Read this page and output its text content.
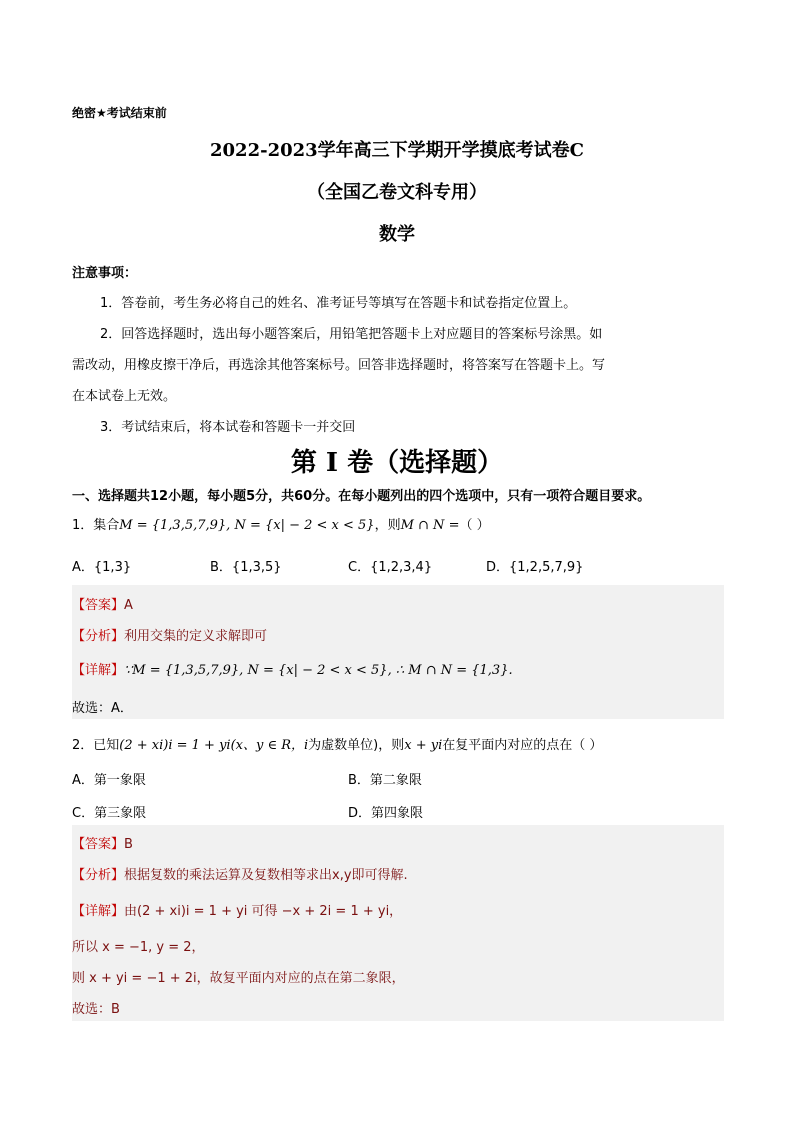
绝密★考试结束前
2022-2023学年高三下学期开学摸底考试卷C
（全国乙卷文科专用）
数学
注意事项：
1．答卷前，考生务必将自己的姓名、准考证号等填写在答题卡和试卷指定位置上。
2．回答选择题时，选出每小题答案后，用铅笔把答题卡上对应题目的答案标号涂黑。如
需改动，用橡皮擦干净后，再选涂其他答案标号。回答非选择题时，将答案写在答题卡上。写
在本试卷上无效。
3．考试结束后，将本试卷和答题卡一并交回
第 I 卷（选择题）
一、选择题共12小题，每小题5分，共60分。在每小题列出的四个选项中，只有一项符合题目要求。
1．集合M = {1,3,5,7,9}, N = {x| − 2 < x < 5}，则M ∩ N =（ ）
A．{1,3}	B．{1,3,5}	C．{1,2,3,4}	D．{1,2,5,7,9}
【答案】A
【分析】利用交集的定义求解即可
【详解】∵M = {1,3,5,7,9}, N = {x| − 2 < x < 5}, ∴ M ∩ N = {1,3}.
故选：A．
2．已知(2 + xi)i = 1 + yi(x、y ∈ R，i为虚数单位)，则x + yi在复平面内对应的点在（ ）
A．第一象限	B．第二象限
C．第三象限	D．第四象限
【答案】B
【分析】根据复数的乘法运算及复数相等求出x,y即可得解.
【详解】由(2 + xi)i = 1 + yi 可得 −x + 2i = 1 + yi，
所以 x = −1, y = 2，
则 x + yi = −1 + 2i，故复平面内对应的点在第二象限，
故选：B
